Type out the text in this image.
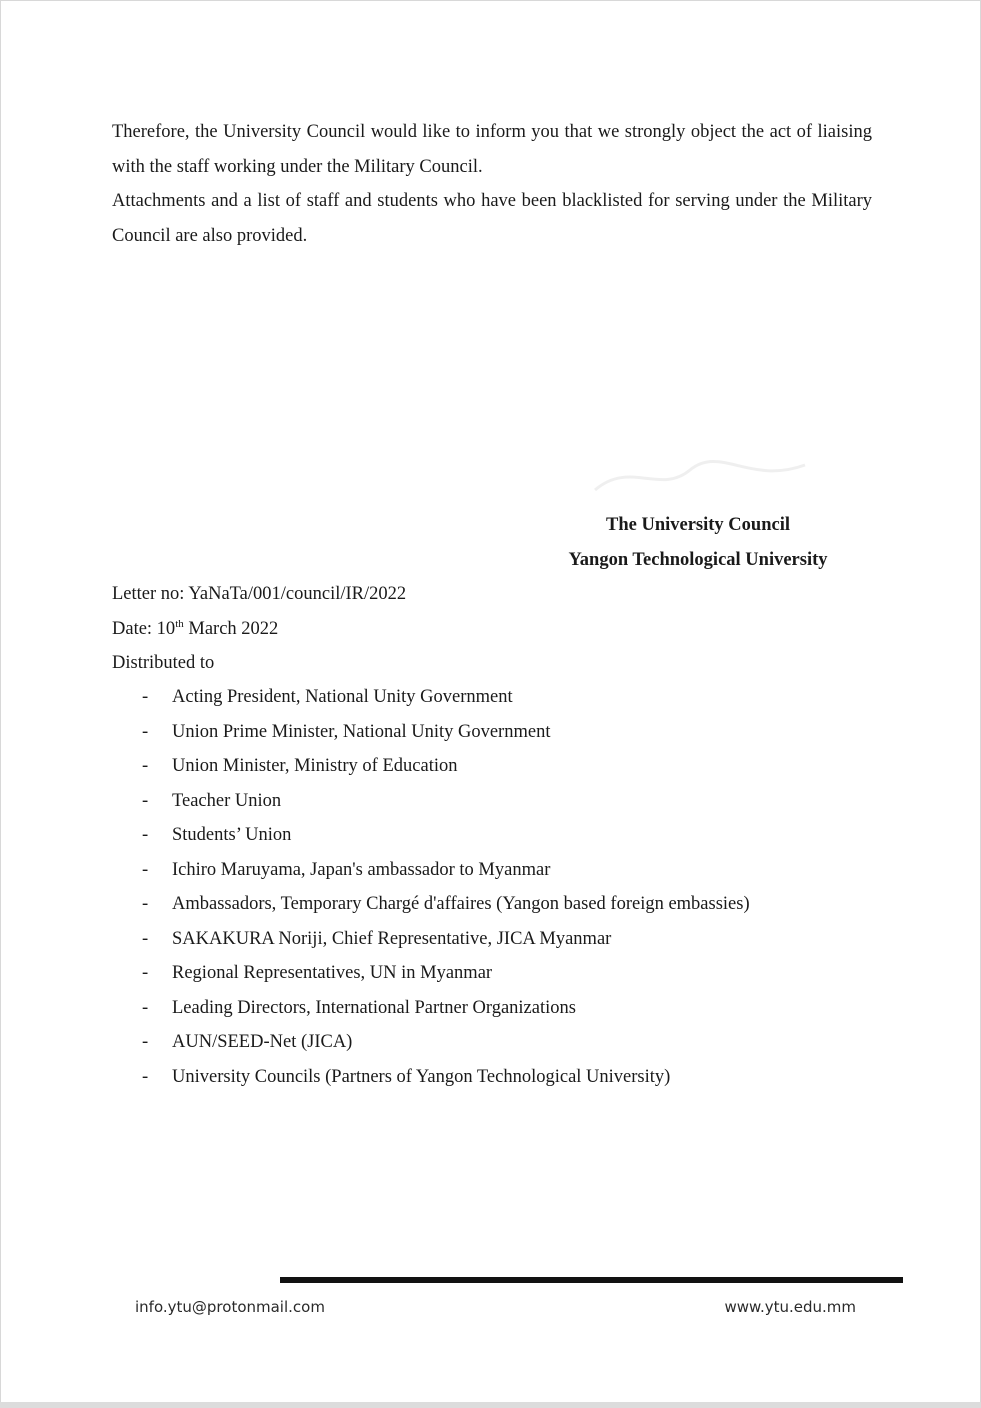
Therefore, the University Council would like to inform you that we strongly object the act of liaising with the staff working under the Military Council.

Attachments and a list of staff and students who have been blacklisted for serving under the Military Council are also provided.

The University Council
Yangon Technological University
Letter no: YaNaTa/001/council/IR/2022
Date: 10th March 2022
Distributed to
- Acting President, National Unity Government
- Union Prime Minister, National Unity Government
- Union Minister, Ministry of Education
- Teacher Union
- Students’ Union
- Ichiro Maruyama, Japan's ambassador to Myanmar
- Ambassadors, Temporary Chargé d'affaires (Yangon based foreign embassies)
- SAKAKURA Noriji, Chief Representative, JICA Myanmar
- Regional Representatives, UN in Myanmar
- Leading Directors, International Partner Organizations
- AUN/SEED-Net (JICA)
- University Councils (Partners of Yangon Technological University)
info.ytu@protonmail.com	www.ytu.edu.mm
